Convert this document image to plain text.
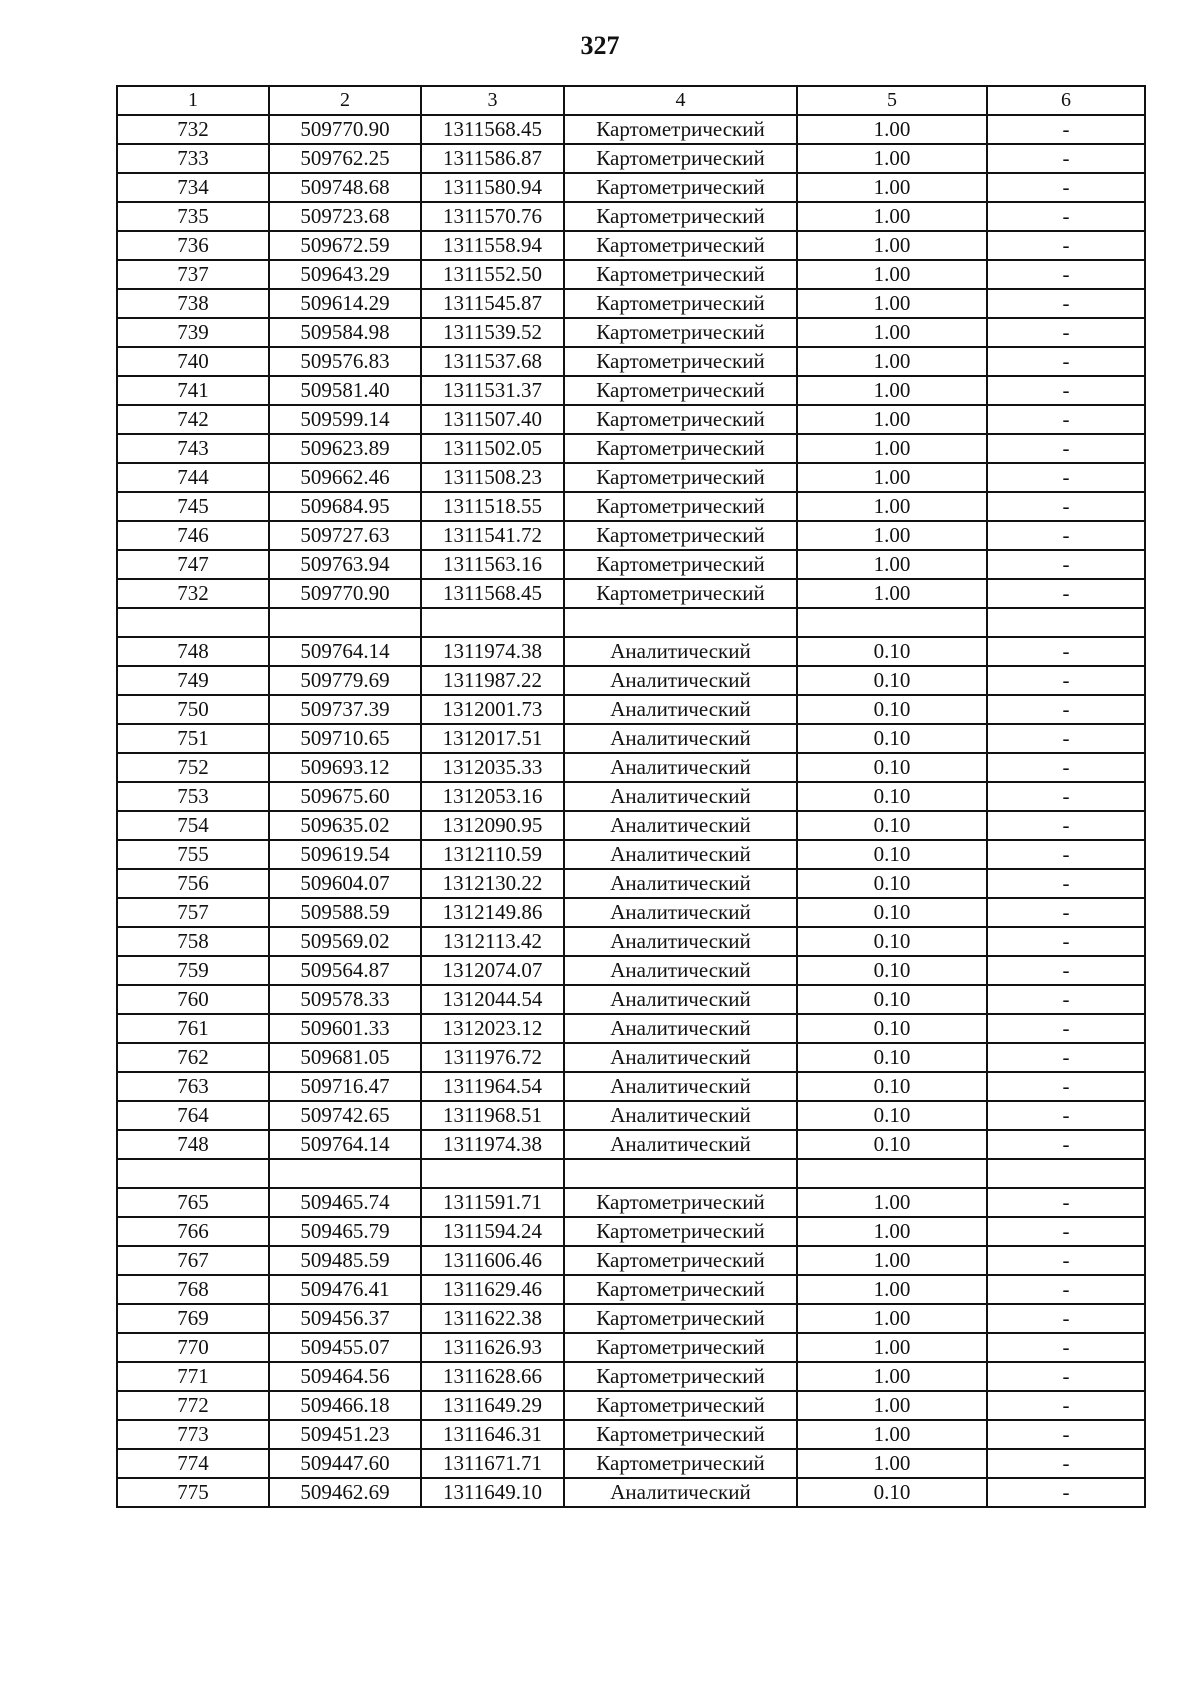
327
1	2	3	4	5	6
732	509770.90	1311568.45	Картометрический	1.00	-
733	509762.25	1311586.87	Картометрический	1.00	-
734	509748.68	1311580.94	Картометрический	1.00	-
735	509723.68	1311570.76	Картометрический	1.00	-
736	509672.59	1311558.94	Картометрический	1.00	-
737	509643.29	1311552.50	Картометрический	1.00	-
738	509614.29	1311545.87	Картометрический	1.00	-
739	509584.98	1311539.52	Картометрический	1.00	-
740	509576.83	1311537.68	Картометрический	1.00	-
741	509581.40	1311531.37	Картометрический	1.00	-
742	509599.14	1311507.40	Картометрический	1.00	-
743	509623.89	1311502.05	Картометрический	1.00	-
744	509662.46	1311508.23	Картометрический	1.00	-
745	509684.95	1311518.55	Картометрический	1.00	-
746	509727.63	1311541.72	Картометрический	1.00	-
747	509763.94	1311563.16	Картометрический	1.00	-
732	509770.90	1311568.45	Картометрический	1.00	-

748	509764.14	1311974.38	Аналитический	0.10	-
749	509779.69	1311987.22	Аналитический	0.10	-
750	509737.39	1312001.73	Аналитический	0.10	-
751	509710.65	1312017.51	Аналитический	0.10	-
752	509693.12	1312035.33	Аналитический	0.10	-
753	509675.60	1312053.16	Аналитический	0.10	-
754	509635.02	1312090.95	Аналитический	0.10	-
755	509619.54	1312110.59	Аналитический	0.10	-
756	509604.07	1312130.22	Аналитический	0.10	-
757	509588.59	1312149.86	Аналитический	0.10	-
758	509569.02	1312113.42	Аналитический	0.10	-
759	509564.87	1312074.07	Аналитический	0.10	-
760	509578.33	1312044.54	Аналитический	0.10	-
761	509601.33	1312023.12	Аналитический	0.10	-
762	509681.05	1311976.72	Аналитический	0.10	-
763	509716.47	1311964.54	Аналитический	0.10	-
764	509742.65	1311968.51	Аналитический	0.10	-
748	509764.14	1311974.38	Аналитический	0.10	-

765	509465.74	1311591.71	Картометрический	1.00	-
766	509465.79	1311594.24	Картометрический	1.00	-
767	509485.59	1311606.46	Картометрический	1.00	-
768	509476.41	1311629.46	Картометрический	1.00	-
769	509456.37	1311622.38	Картометрический	1.00	-
770	509455.07	1311626.93	Картометрический	1.00	-
771	509464.56	1311628.66	Картометрический	1.00	-
772	509466.18	1311649.29	Картометрический	1.00	-
773	509451.23	1311646.31	Картометрический	1.00	-
774	509447.60	1311671.71	Картометрический	1.00	-
775	509462.69	1311649.10	Аналитический	0.10	-
